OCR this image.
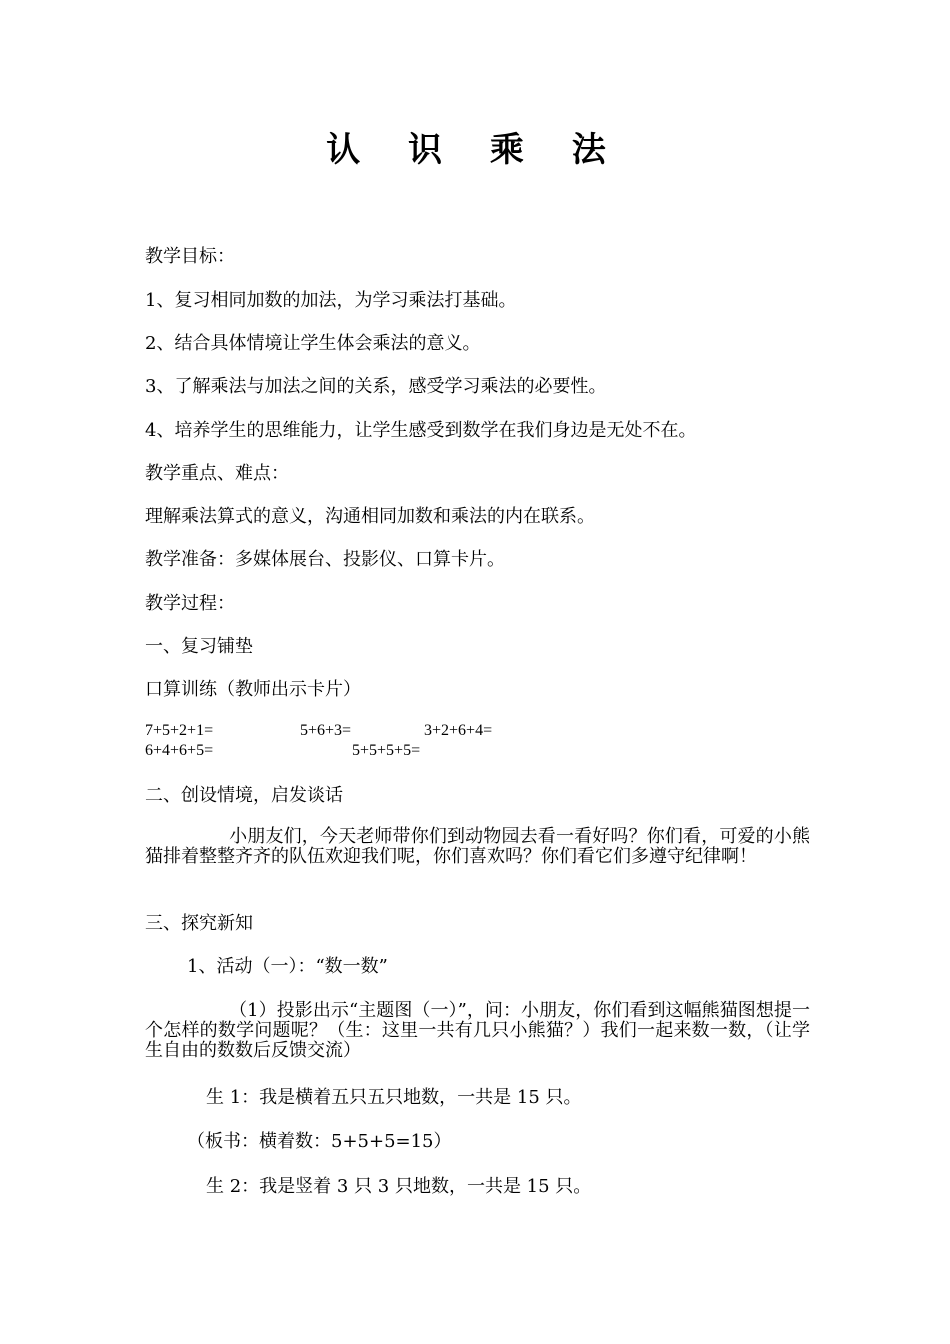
认 识 乘 法
教学目标：
1、复习相同加数的加法，为学习乘法打基础。
2、结合具体情境让学生体会乘法的意义。
3、了解乘法与加法之间的关系，感受学习乘法的必要性。
4、培养学生的思维能力，让学生感受到数学在我们身边是无处不在。
教学重点、难点：
理解乘法算式的意义，沟通相同加数和乘法的内在联系。
教学准备：多媒体展台、投影仪、口算卡片。
教学过程：
一、复习铺垫
口算训练（教师出示卡片）
7+5+2+1=	5+6+3=	3+2+6+4=
6+4+6+5=	5+5+5+5=
二、创设情境，启发谈话
小朋友们，今天老师带你们到动物园去看一看好吗？你们看，可爱的小熊猫排着整整齐齐的队伍欢迎我们呢，你们喜欢吗？你们看它们多遵守纪律啊！
三、探究新知
1、活动（一）：“数一数”
（1）投影出示“主题图（一）”，问：小朋友，你们看到这幅熊猫图想提一个怎样的数学问题呢？（生：这里一共有几只小熊猫？）我们一起来数一数，（让学生自由的数数后反馈交流）
生 1：我是横着五只五只地数，一共是 15 只。
（板书：横着数：5+5+5=15）
生 2：我是竖着 3 只 3 只地数，一共是 15 只。
